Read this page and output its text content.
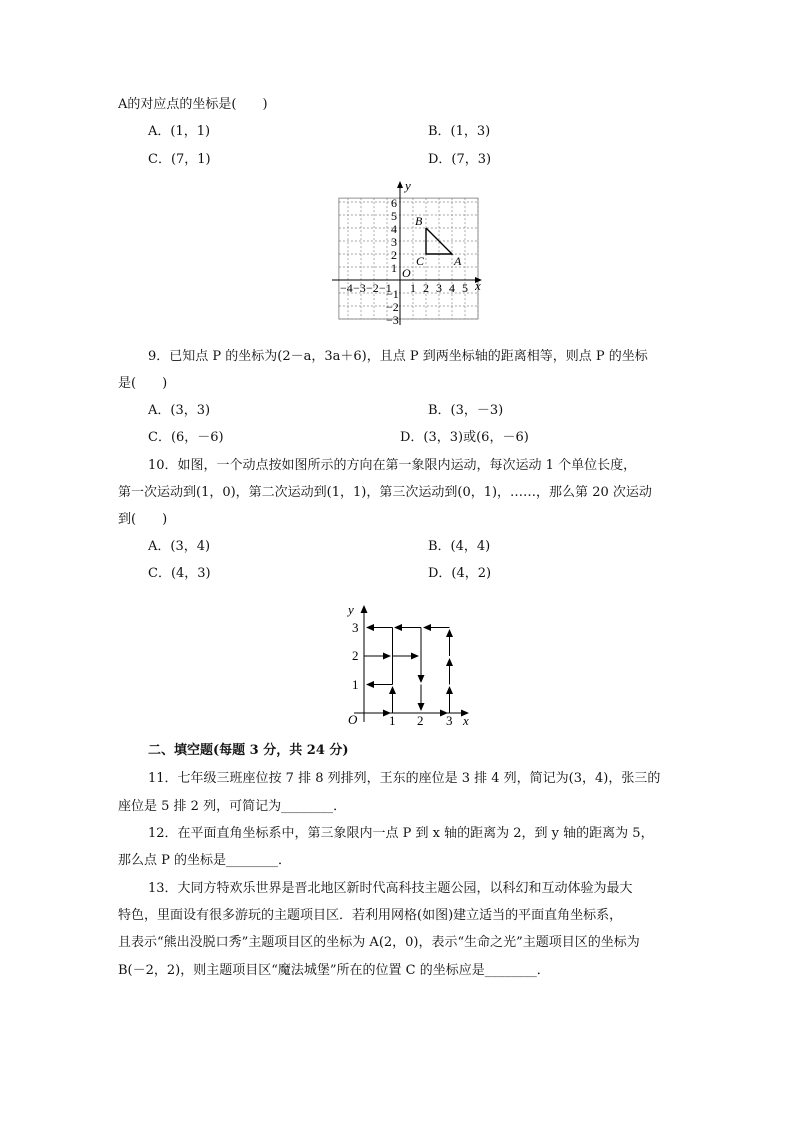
A的对应点的坐标是(　　)
A．(1，1)	B．(1，3)
C．(7，1)	D．(7，3)
y
x
O
B
C A
−4 −3 −2 −1 1 2 3 4 5
6
5
4
3
2
1
−1
−2
−3
9．已知点 P 的坐标为(2－a，3a＋6)，且点 P 到两坐标轴的距离相等，则点 P 的坐标
是(　　)
A．(3，3)	B．(3，－3)
C．(6，－6)	D．(3，3)或(6，－6)
10．如图，一个动点按如图所示的方向在第一象限内运动，每次运动 1 个单位长度，
第一次运动到(1，0)，第二次运动到(1，1)，第三次运动到(0，1)，……，那么第 20 次运动
到(　　)
A．(3，4)	B．(4，4)
C．(4，3)	D．(4，2)
y
x
O 1 2 3
1
2
3
二、填空题(每题 3 分，共 24 分)
11．七年级三班座位按 7 排 8 列排列，王东的座位是 3 排 4 列，简记为(3，4)，张三的
座位是 5 排 2 列，可简记为________．
12．在平面直角坐标系中，第三象限内一点 P 到 x 轴的距离为 2，到 y 轴的距离为 5，
那么点 P 的坐标是________．
13．大同方特欢乐世界是晋北地区新时代高科技主题公园，以科幻和互动体验为最大
特色，里面设有很多游玩的主题项目区．若利用网格(如图)建立适当的平面直角坐标系，
且表示“熊出没脱口秀”主题项目区的坐标为 A(2，0)，表示“生命之光”主题项目区的坐标为
B(－2，2)，则主题项目区“魔法城堡”所在的位置 C 的坐标应是________．
